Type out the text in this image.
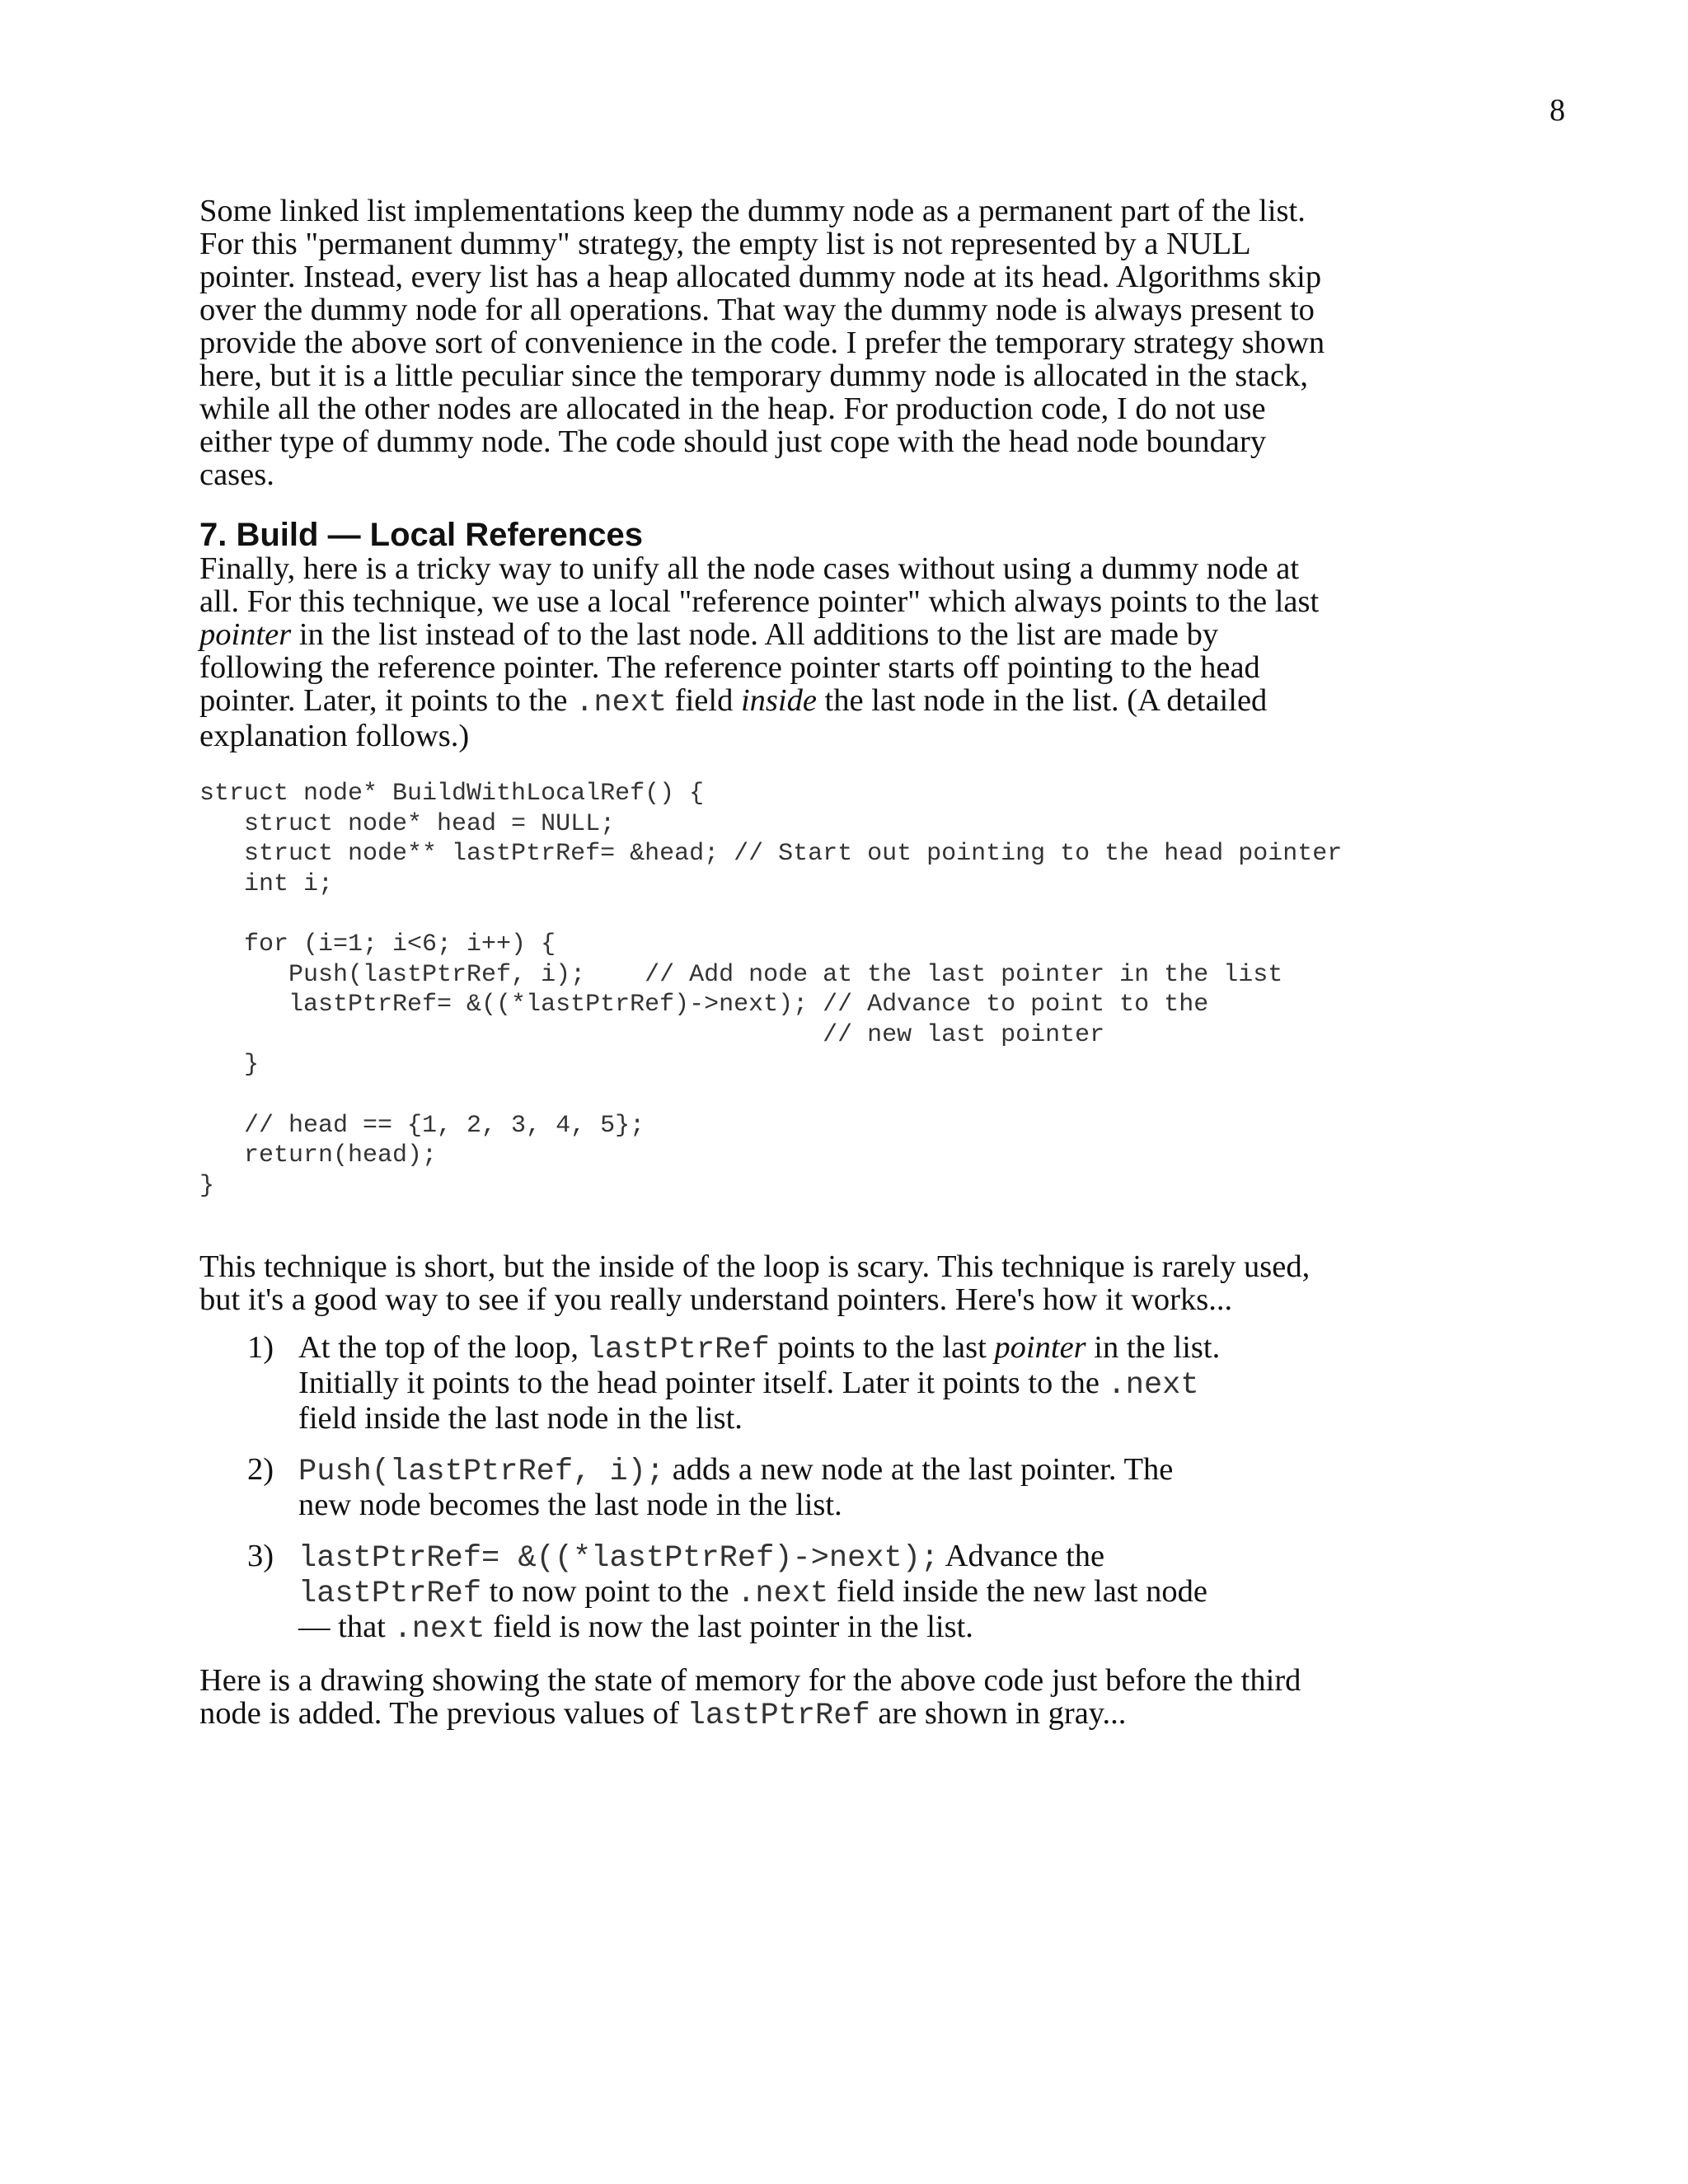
8

Some linked list implementations keep the dummy node as a permanent part of the list.
For this "permanent dummy" strategy, the empty list is not represented by a NULL
pointer. Instead, every list has a heap allocated dummy node at its head. Algorithms skip
over the dummy node for all operations. That way the dummy node is always present to
provide the above sort of convenience in the code. I prefer the temporary strategy shown
here, but it is a little peculiar since the temporary dummy node is allocated in the stack,
while all the other nodes are allocated in the heap. For production code, I do not use
either type of dummy node. The code should just cope with the head node boundary
cases.

7. Build — Local References

Finally, here is a tricky way to unify all the node cases without using a dummy node at
all. For this technique, we use a local "reference pointer" which always points to the last
pointer in the list instead of to the last node. All additions to the list are made by
following the reference pointer. The reference pointer starts off pointing to the head
pointer. Later, it points to the .next field inside the last node in the list. (A detailed
explanation follows.)

struct node* BuildWithLocalRef() {
struct node* head = NULL;
struct node** lastPtrRef= &head; // Start out pointing to the head pointer
int i;

for (i=1; i<6; i++) {
Push(lastPtrRef, i);    // Add node at the last pointer in the list
lastPtrRef= &((*lastPtrRef)->next); // Advance to point to the
// new last pointer
}

// head == {1, 2, 3, 4, 5};
return(head);
}

This technique is short, but the inside of the loop is scary. This technique is rarely used,
but it's a good way to see if you really understand pointers. Here's how it works...

1) At the top of the loop, lastPtrRef points to the last pointer in the list.
Initially it points to the head pointer itself. Later it points to the .next
field inside the last node in the list.
2) Push(lastPtrRef, i); adds a new node at the last pointer. The
new node becomes the last node in the list.
3) lastPtrRef= &((*lastPtrRef)->next); Advance the
lastPtrRef to now point to the .next field inside the new last node
— that .next field is now the last pointer in the list.

Here is a drawing showing the state of memory for the above code just before the third
node is added. The previous values of lastPtrRef are shown in gray...
